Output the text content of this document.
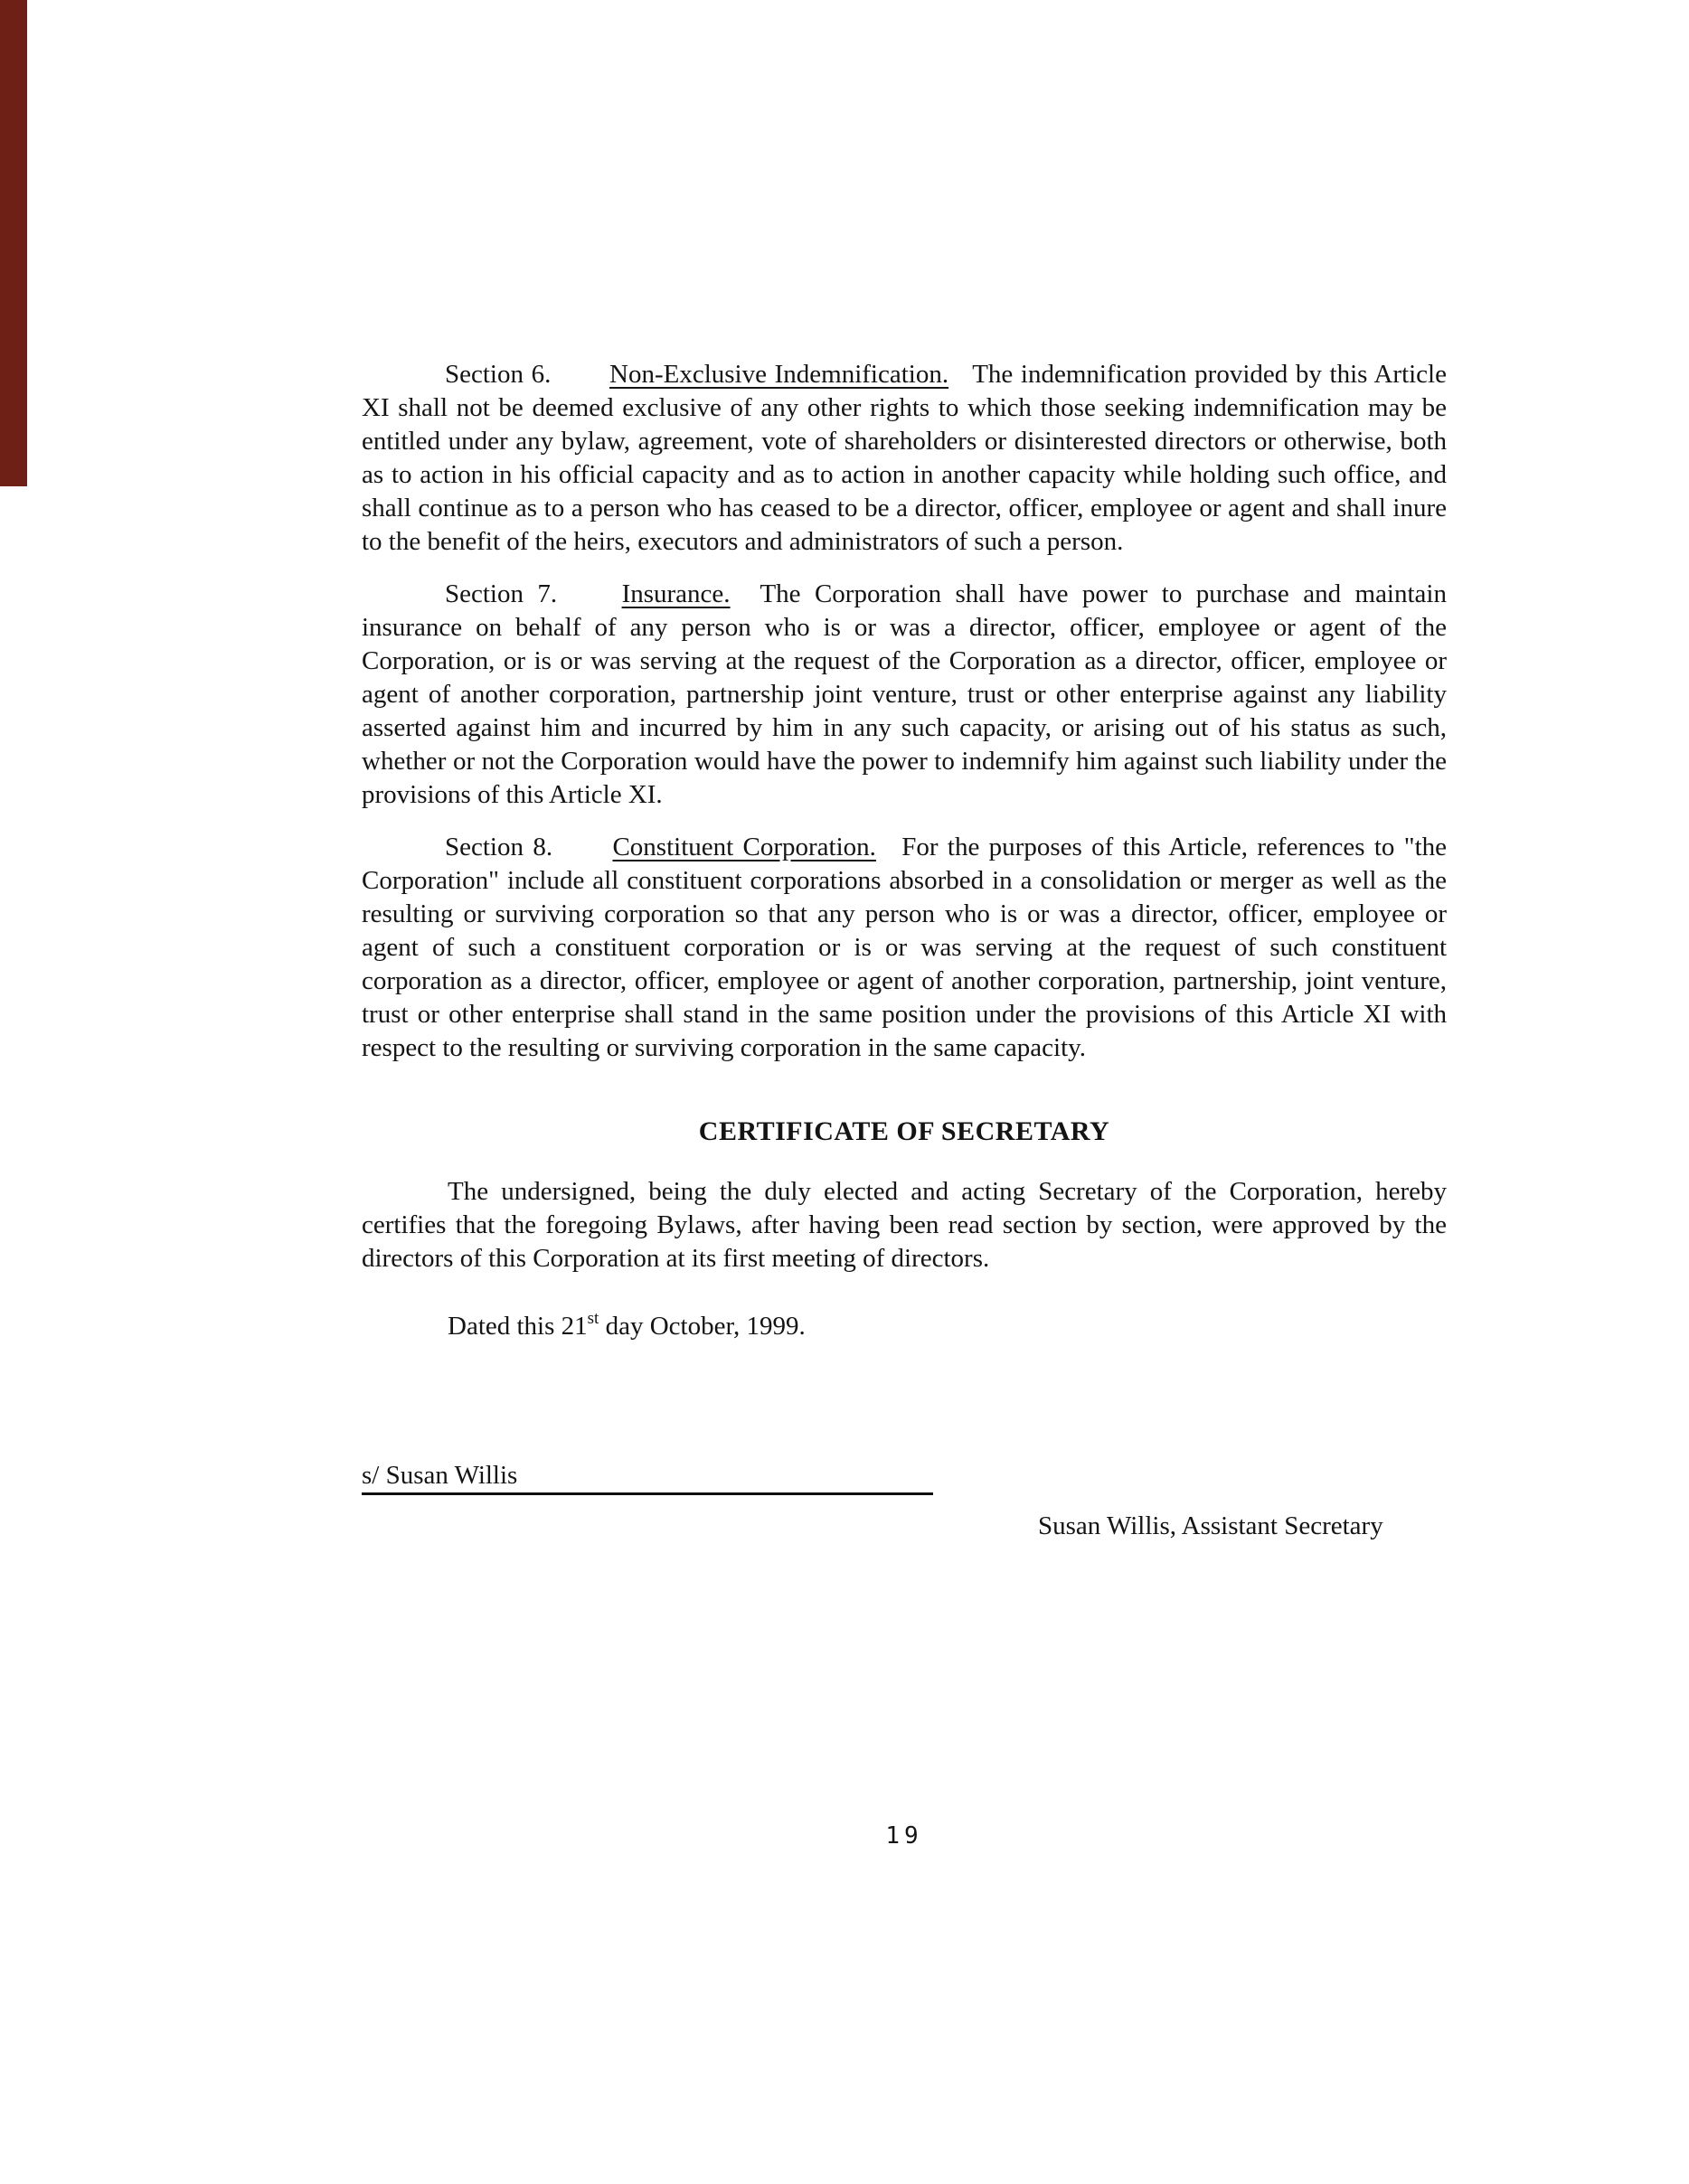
Section 6. Non-Exclusive Indemnification. The indemnification provided by this Article XI shall not be deemed exclusive of any other rights to which those seeking indemnification may be entitled under any bylaw, agreement, vote of shareholders or disinterested directors or otherwise, both as to action in his official capacity and as to action in another capacity while holding such office, and shall continue as to a person who has ceased to be a director, officer, employee or agent and shall inure to the benefit of the heirs, executors and administrators of such a person.

Section 7. Insurance. The Corporation shall have power to purchase and maintain insurance on behalf of any person who is or was a director, officer, employee or agent of the Corporation, or is or was serving at the request of the Corporation as a director, officer, employee or agent of another corporation, partnership joint venture, trust or other enterprise against any liability asserted against him and incurred by him in any such capacity, or arising out of his status as such, whether or not the Corporation would have the power to indemnify him against such liability under the provisions of this Article XI.

Section 8. Constituent Corporation. For the purposes of this Article, references to "the Corporation" include all constituent corporations absorbed in a consolidation or merger as well as the resulting or surviving corporation so that any person who is or was a director, officer, employee or agent of such a constituent corporation or is or was serving at the request of such constituent corporation as a director, officer, employee or agent of another corporation, partnership, joint venture, trust or other enterprise shall stand in the same position under the provisions of this Article XI with respect to the resulting or surviving corporation in the same capacity.

CERTIFICATE OF SECRETARY

The undersigned, being the duly elected and acting Secretary of the Corporation, hereby certifies that the foregoing Bylaws, after having been read section by section, were approved by the directors of this Corporation at its first meeting of directors.

Dated this 21st day October, 1999.

s/ Susan Willis
Susan Willis, Assistant Secretary
19
